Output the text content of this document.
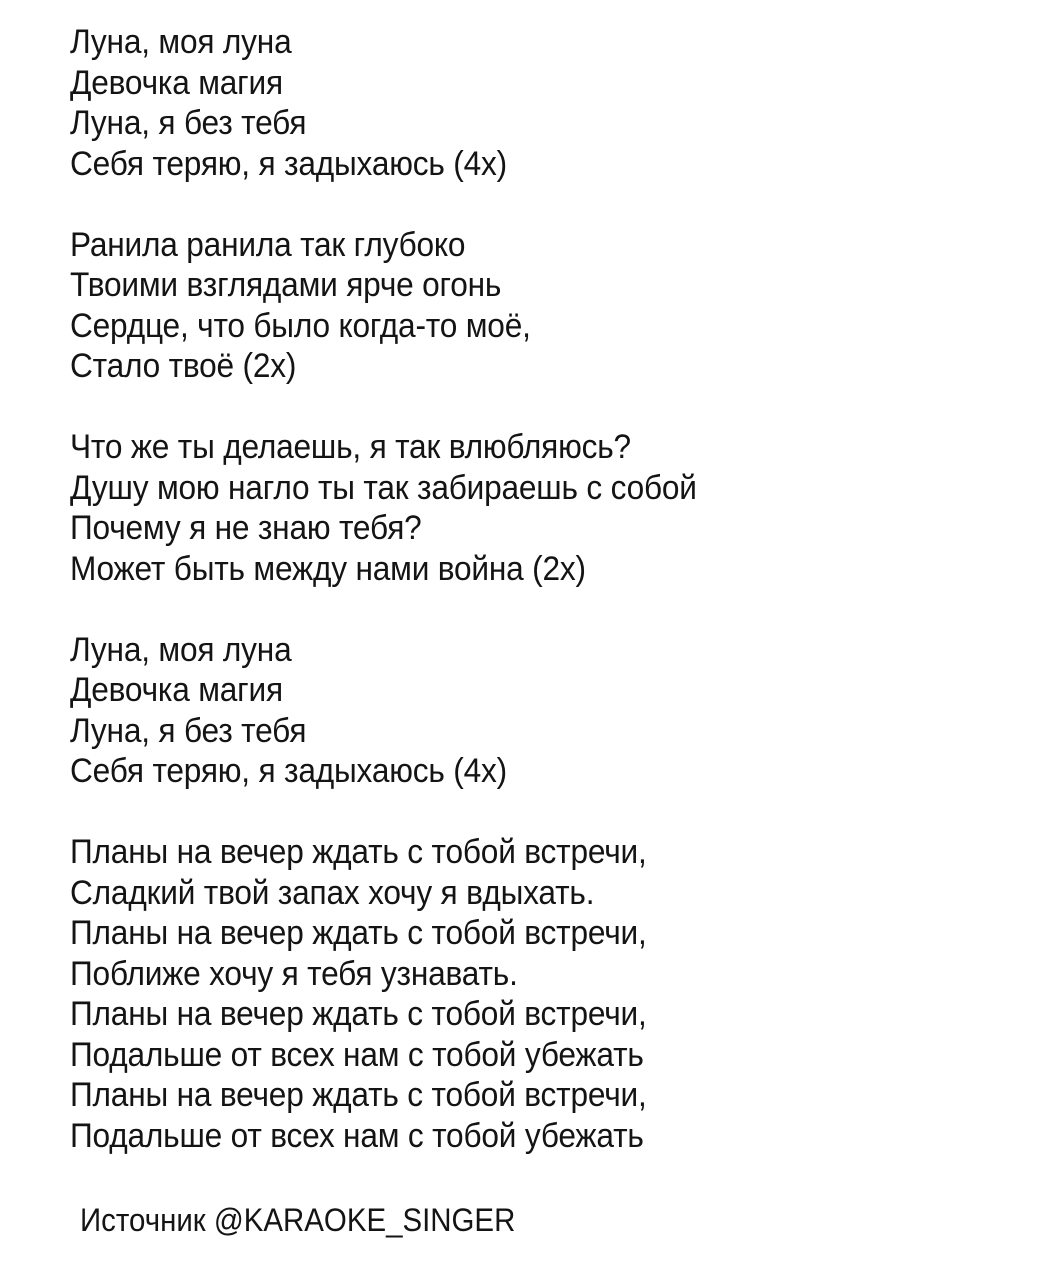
Луна, моя луна
Девочка магия
Луна, я без тебя
Себя теряю, я задыхаюсь (4х)
Ранила ранила так глубоко
Твоими взглядами ярче огонь
Сердце, что было когда-то моё,
Стало твоё (2х)
Что же ты делаешь, я так влюбляюсь?
Душу мою нагло ты так забираешь с собой
Почему я не знаю тебя?
Может быть между нами война (2х)
Луна, моя луна
Девочка магия
Луна, я без тебя
Себя теряю, я задыхаюсь (4х)
Планы на вечер ждать с тобой встречи,
Сладкий твой запах хочу я вдыхать.
Планы на вечер ждать с тобой встречи,
Поближе хочу я тебя узнавать.
Планы на вечер ждать с тобой встречи,
Подальше от всех нам с тобой убежать
Планы на вечер ждать с тобой встречи,
Подальше от всех нам с тобой убежать
Источник @KARAOKE_SINGER
